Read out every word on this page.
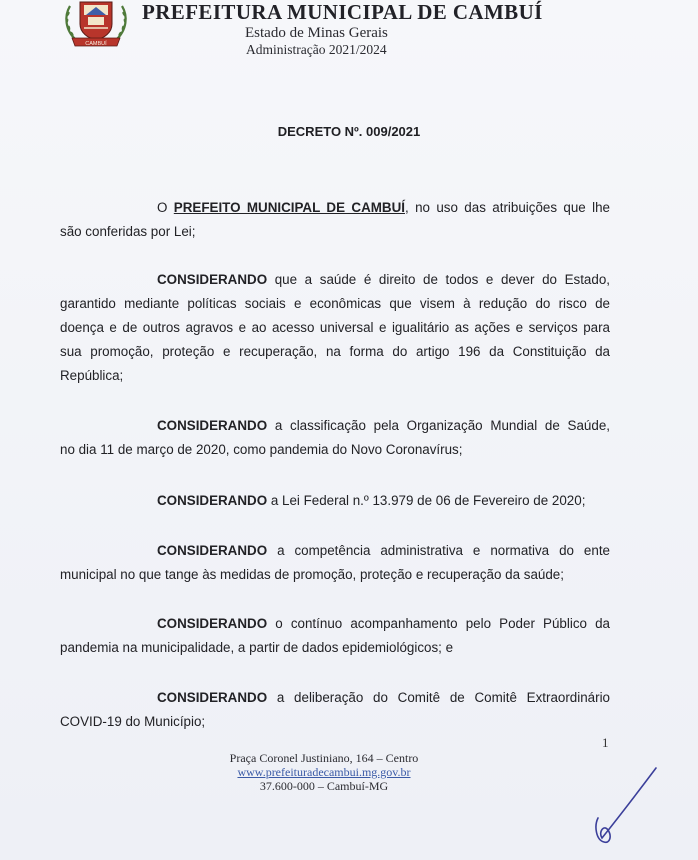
CAMBUÍ
PREFEITURA MUNICIPAL DE CAMBUÍ
Estado de Minas Gerais
Administração 2021/2024
DECRETO Nº. 009/2021
O PREFEITO MUNICIPAL DE CAMBUÍ, no uso das atribuições que lhe
são conferidas por Lei;
CONSIDERANDO que a saúde é direito de todos e dever do Estado,
garantido mediante políticas sociais e econômicas que visem à redução do risco de
doença e de outros agravos e ao acesso universal e igualitário as ações e serviços para
sua promoção, proteção e recuperação, na forma do artigo 196 da Constituição da
República;
CONSIDERANDO a classificação pela Organização Mundial de Saúde,
no dia 11 de março de 2020, como pandemia do Novo Coronavírus;
CONSIDERANDO a Lei Federal n.º 13.979 de 06 de Fevereiro de 2020;
CONSIDERANDO a competência administrativa e normativa do ente
municipal no que tange às medidas de promoção, proteção e recuperação da saúde;
CONSIDERANDO o contínuo acompanhamento pelo Poder Público da
pandemia na municipalidade, a partir de dados epidemiológicos; e
CONSIDERANDO a deliberação do Comitê de Comitê Extraordinário
COVID-19 do Município;
1
Praça Coronel Justiniano, 164 – Centro
www.prefeituradecambui.mg.gov.br
37.600-000 – Cambuí-MG
